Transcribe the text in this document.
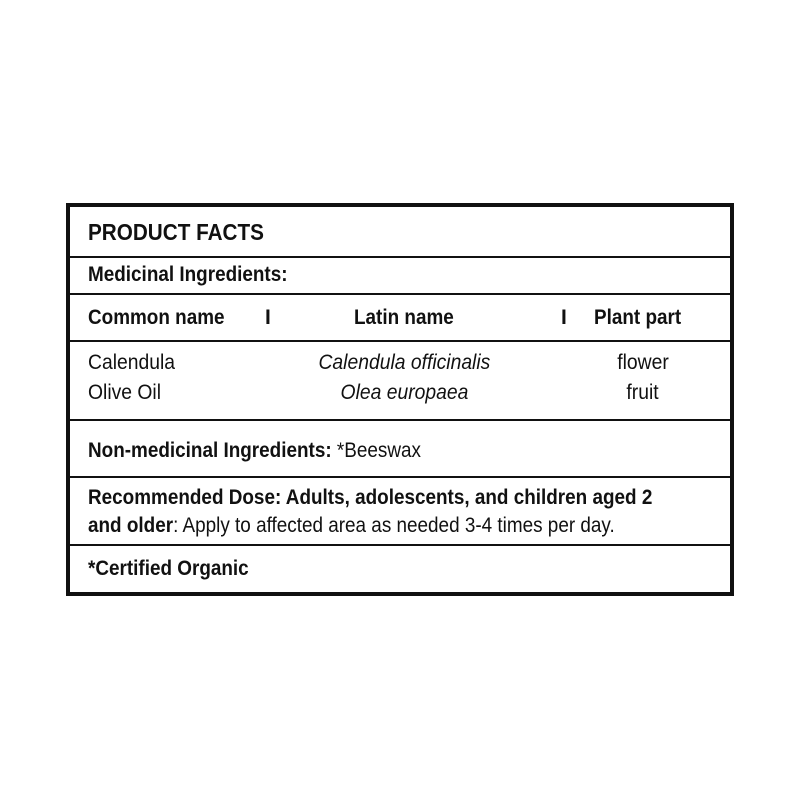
PRODUCT FACTS
Medicinal Ingredients:
Common name I	Latin name	I Plant part
Calendula	Calendula officinalis	flower
Olive Oil	Olea europaea	fruit
Non-medicinal Ingredients: *Beeswax
Recommended Dose: Adults, adolescents, and children aged 2
and older: Apply to affected area as needed 3-4 times per day.
*Certified Organic
